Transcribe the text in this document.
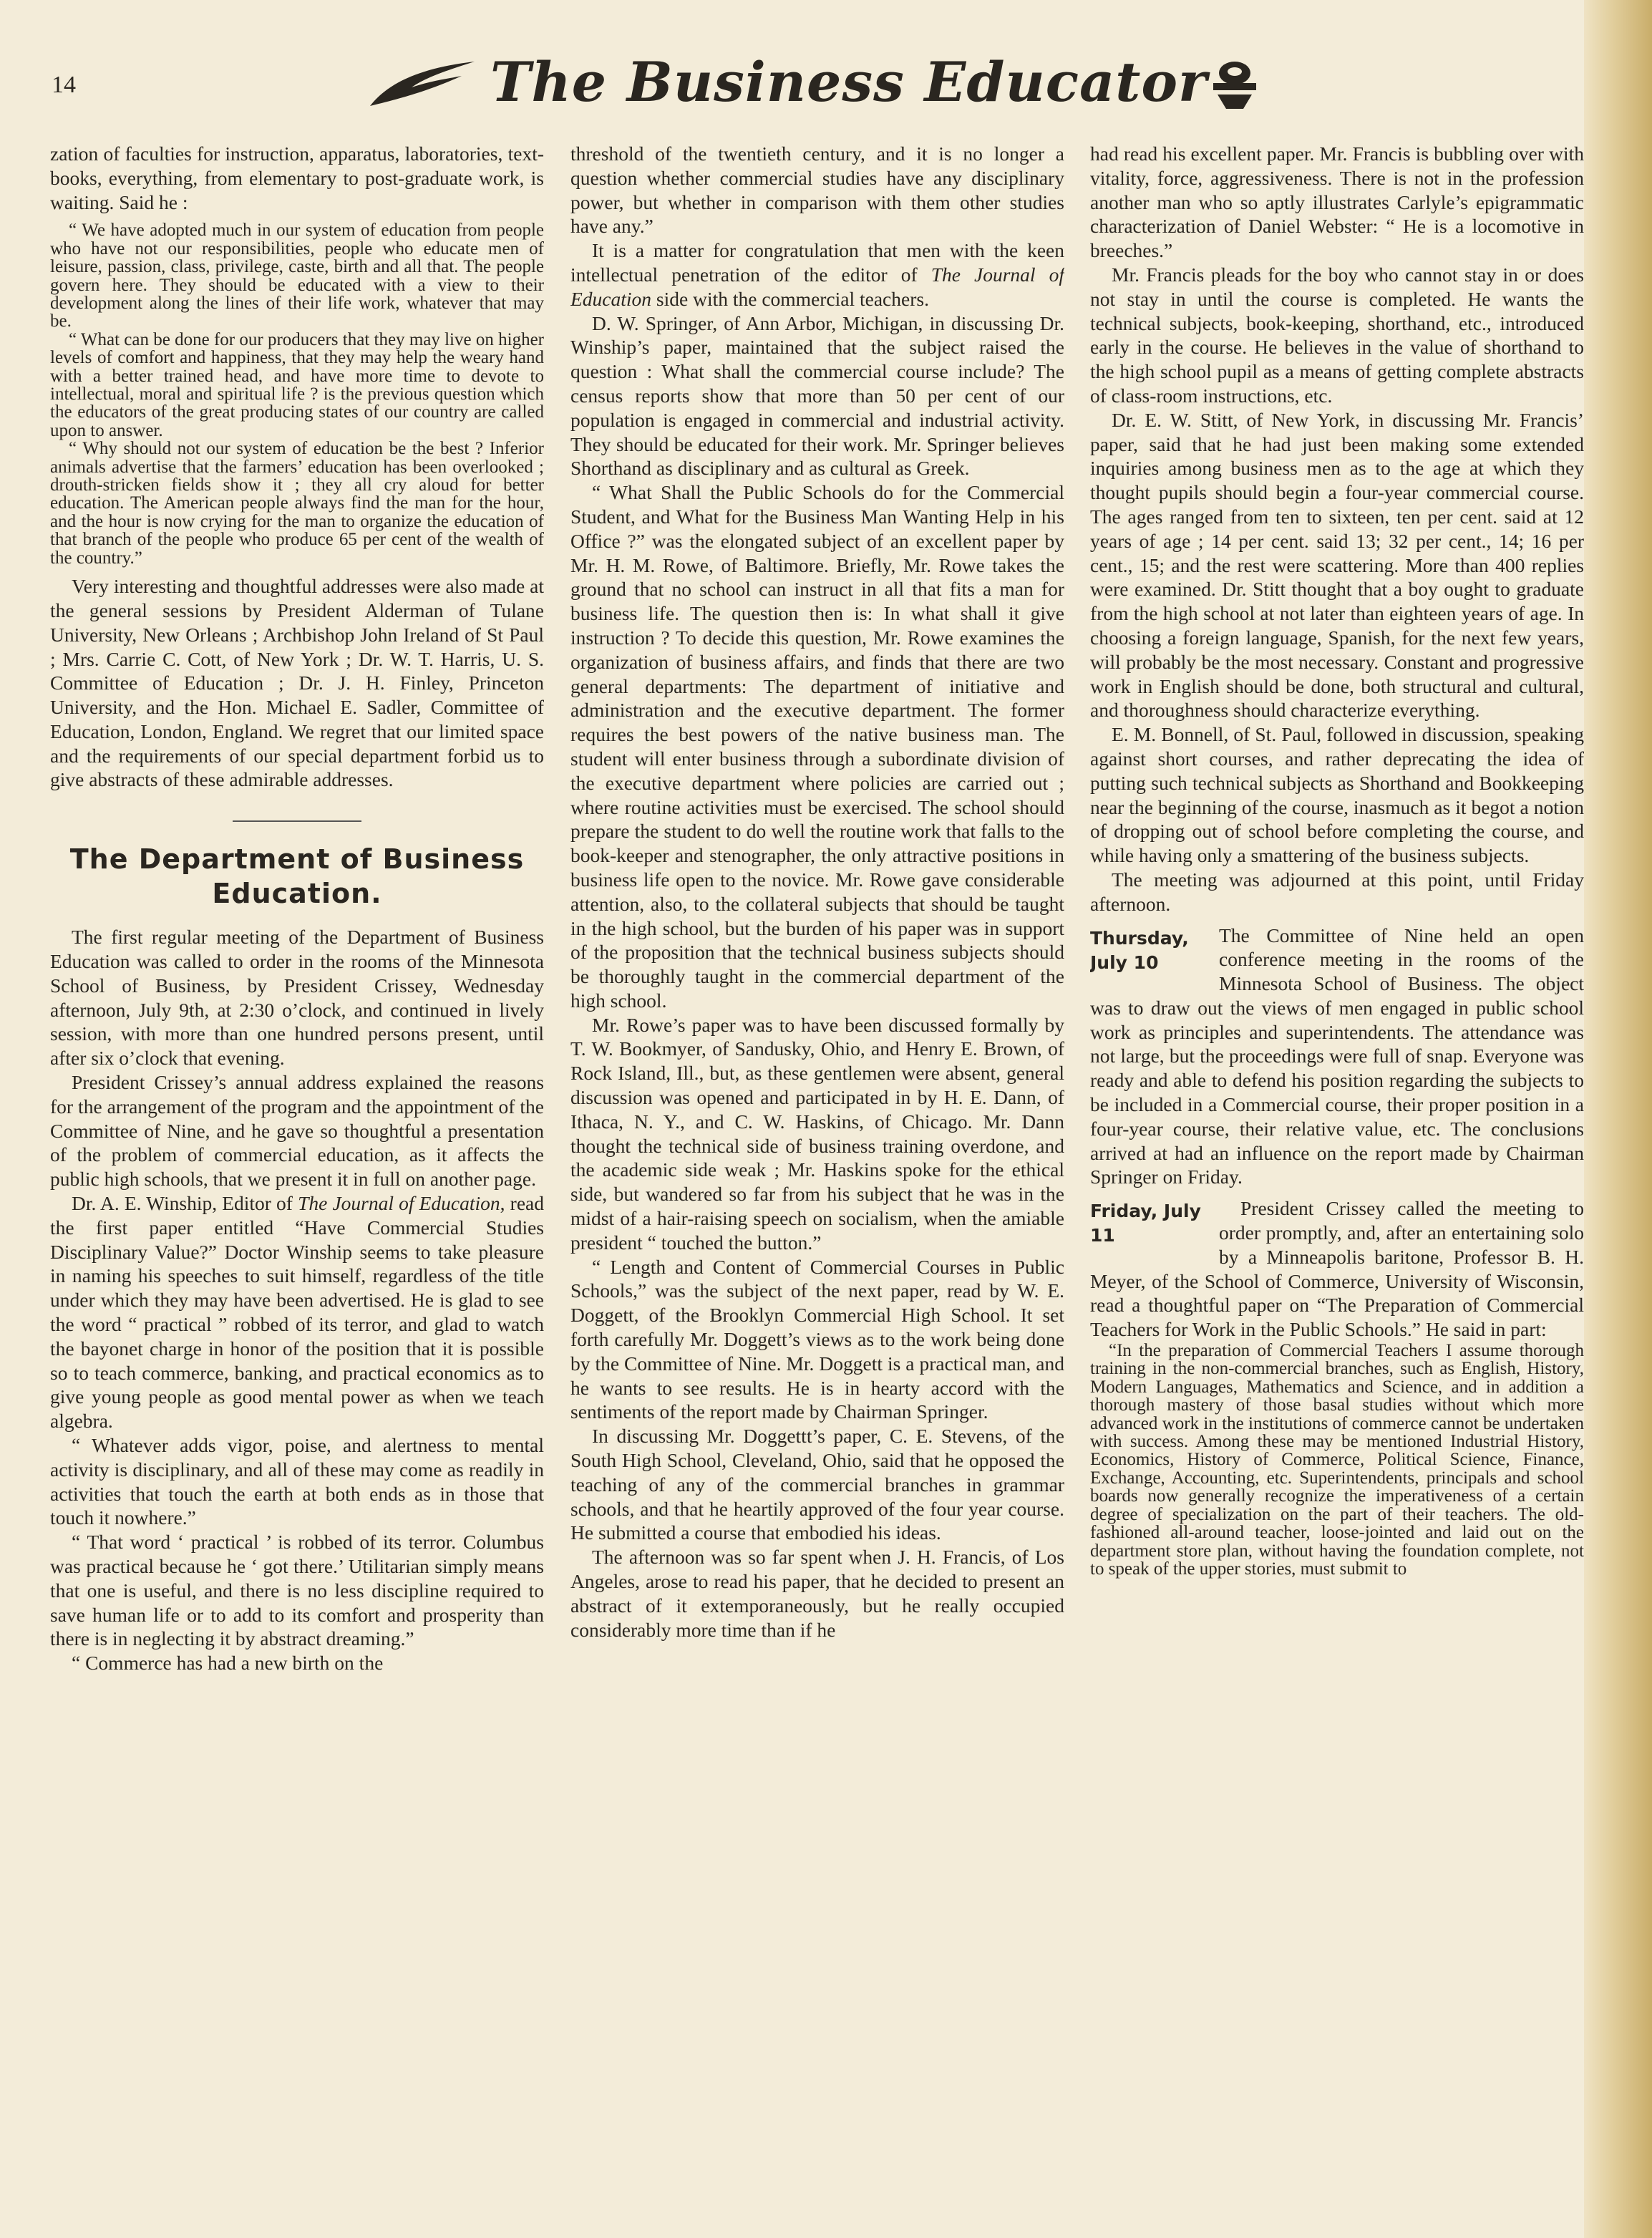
14	The Business Educator

zation of faculties for instruction, apparatus, laboratories, text-books, everything, from elementary to post-graduate work, is waiting. Said he :

“ We have adopted much in our system of education from people who have not our responsibilities, people who educate men of leisure, passion, class, privilege, caste, birth and all that. The people govern here. They should be educated with a view to their development along the lines of their life work, whatever that may be.

“ What can be done for our producers that they may live on higher levels of comfort and happiness, that they may help the weary hand with a better trained head, and have more time to devote to intellectual, moral and spiritual life ? is the previous question which the educators of the great producing states of our country are called upon to answer.

“ Why should not our system of education be the best ? Inferior animals advertise that the farmers’ education has been overlooked ; drouth-stricken fields show it ; they all cry aloud for better education. The American people always find the man for the hour, and the hour is now crying for the man to organize the education of that branch of the people who produce 65 per cent of the wealth of the country.”

Very interesting and thoughtful addresses were also made at the general sessions by President Alderman of Tulane University, New Orleans ; Archbishop John Ireland of St Paul ; Mrs. Carrie C. Cott, of New York ; Dr. W. T. Harris, U. S. Committee of Education ; Dr. J. H. Finley, Princeton University, and the Hon. Michael E. Sadler, Committee of Education, London, England. We regret that our limited space and the requirements of our special department forbid us to give abstracts of these admirable addresses.

The Department of Business Education.

The first regular meeting of the Department of Business Education was called to order in the rooms of the Minnesota School of Business, by President Crissey, Wednesday afternoon, July 9th, at 2:30 o’clock, and continued in lively session, with more than one hundred persons present, until after six o’clock that evening.

President Crissey’s annual address explained the reasons for the arrangement of the program and the appointment of the Committee of Nine, and he gave so thoughtful a presentation of the problem of commercial education, as it affects the public high schools, that we present it in full on another page.

Dr. A. E. Winship, Editor of The Journal of Education, read the first paper entitled “Have Commercial Studies Disciplinary Value?” Doctor Winship seems to take pleasure in naming his speeches to suit himself, regardless of the title under which they may have been advertised. He is glad to see the word “ practical ” robbed of its terror, and glad to watch the bayonet charge in honor of the position that it is possible so to teach commerce, banking, and practical economics as to give young people as good mental power as when we teach algebra.

“ Whatever adds vigor, poise, and alertness to mental activity is disciplinary, and all of these may come as readily in activities that touch the earth at both ends as in those that touch it nowhere.”

“ That word ‘ practical ’ is robbed of its terror. Columbus was practical because he ‘ got there.’ Utilitarian simply means that one is useful, and there is no less discipline required to save human life or to add to its comfort and prosperity than there is in neglecting it by abstract dreaming.”

“ Commerce has had a new birth on the

threshold of the twentieth century, and it is no longer a question whether commercial studies have any disciplinary power, but whether in comparison with them other studies have any.”

It is a matter for congratulation that men with the keen intellectual penetration of the editor of The Journal of Education side with the commercial teachers.

D. W. Springer, of Ann Arbor, Michigan, in discussing Dr. Winship’s paper, maintained that the subject raised the question : What shall the commercial course include? The census reports show that more than 50 per cent of our population is engaged in commercial and industrial activity. They should be educated for their work. Mr. Springer believes Shorthand as disciplinary and as cultural as Greek.

“ What Shall the Public Schools do for the Commercial Student, and What for the Business Man Wanting Help in his Office ?” was the elongated subject of an excellent paper by Mr. H. M. Rowe, of Baltimore. Briefly, Mr. Rowe takes the ground that no school can instruct in all that fits a man for business life. The question then is: In what shall it give instruction ? To decide this question, Mr. Rowe examines the organization of business affairs, and finds that there are two general departments: The department of initiative and administration and the executive department. The former requires the best powers of the native business man. The student will enter business through a subordinate division of the executive department where policies are carried out ; where routine activities must be exercised. The school should prepare the student to do well the routine work that falls to the book-keeper and stenographer, the only attractive positions in business life open to the novice. Mr. Rowe gave considerable attention, also, to the collateral subjects that should be taught in the high school, but the burden of his paper was in support of the proposition that the technical business subjects should be thoroughly taught in the commercial department of the high school.

Mr. Rowe’s paper was to have been discussed formally by T. W. Bookmyer, of Sandusky, Ohio, and Henry E. Brown, of Rock Island, Ill., but, as these gentlemen were absent, general discussion was opened and participated in by H. E. Dann, of Ithaca, N. Y., and C. W. Haskins, of Chicago. Mr. Dann thought the technical side of business training overdone, and the academic side weak ; Mr. Haskins spoke for the ethical side, but wandered so far from his subject that he was in the midst of a hair-raising speech on socialism, when the amiable president “ touched the button.”

“ Length and Content of Commercial Courses in Public Schools,” was the subject of the next paper, read by W. E. Doggett, of the Brooklyn Commercial High School. It set forth carefully Mr. Doggett’s views as to the work being done by the Committee of Nine. Mr. Doggett is a practical man, and he wants to see results. He is in hearty accord with the sentiments of the report made by Chairman Springer.

In discussing Mr. Doggettt’s paper, C. E. Stevens, of the South High School, Cleveland, Ohio, said that he opposed the teaching of any of the commercial branches in grammar schools, and that he heartily approved of the four year course. He submitted a course that embodied his ideas.

The afternoon was so far spent when J. H. Francis, of Los Angeles, arose to read his paper, that he decided to present an abstract of it extemporaneously, but he really occupied considerably more time than if he

had read his excellent paper. Mr. Francis is bubbling over with vitality, force, aggressiveness. There is not in the profession another man who so aptly illustrates Carlyle’s epigrammatic characterization of Daniel Webster: “ He is a locomotive in breeches.”

Mr. Francis pleads for the boy who cannot stay in or does not stay in until the course is completed. He wants the technical subjects, book-keeping, shorthand, etc., introduced early in the course. He believes in the value of shorthand to the high school pupil as a means of getting complete abstracts of class-room instructions, etc.

Dr. E. W. Stitt, of New York, in discussing Mr. Francis’ paper, said that he had just been making some extended inquiries among business men as to the age at which they thought pupils should begin a four-year commercial course. The ages ranged from ten to sixteen, ten per cent. said at 12 years of age ; 14 per cent. said 13; 32 per cent., 14; 16 per cent., 15; and the rest were scattering. More than 400 replies were examined. Dr. Stitt thought that a boy ought to graduate from the high school at not later than eighteen years of age. In choosing a foreign language, Spanish, for the next few years, will probably be the most necessary. Constant and progressive work in English should be done, both structural and cultural, and thoroughness should characterize everything.

E. M. Bonnell, of St. Paul, followed in discussion, speaking against short courses, and rather deprecating the idea of putting such technical subjects as Shorthand and Bookkeeping near the beginning of the course, inasmuch as it begot a notion of dropping out of school before completing the course, and while having only a smattering of the business subjects.

The meeting was adjourned at this point, until Friday afternoon.

Thursday, July 10

The Committee of Nine held an open conference meeting in the rooms of the Minnesota School of Business. The object was to draw out the views of men engaged in public school work as principles and superintendents. The attendance was not large, but the proceedings were full of snap. Everyone was ready and able to defend his position regarding the subjects to be included in a Commercial course, their proper position in a four-year course, their relative value, etc. The conclusions arrived at had an influence on the report made by Chairman Springer on Friday.

Friday, July 11

President Crissey called the meeting to order promptly, and, after an entertaining solo by a Minneapolis baritone, Professor B. H. Meyer, of the School of Commerce, University of Wisconsin, read a thoughtful paper on “The Preparation of Commercial Teachers for Work in the Public Schools.” He said in part:

“In the preparation of Commercial Teachers I assume thorough training in the non-commercial branches, such as English, History, Modern Languages, Mathematics and Science, and in addition a thorough mastery of those basal studies without which more advanced work in the institutions of commerce cannot be undertaken with success. Among these may be mentioned Industrial History, Economics, History of Commerce, Political Science, Finance, Exchange, Accounting, etc. Superintendents, principals and school boards now generally recognize the imperativeness of a certain degree of specialization on the part of their teachers. The old-fashioned all-around teacher, loose-jointed and laid out on the department store plan, without having the foundation complete, not to speak of the upper stories, must submit to
